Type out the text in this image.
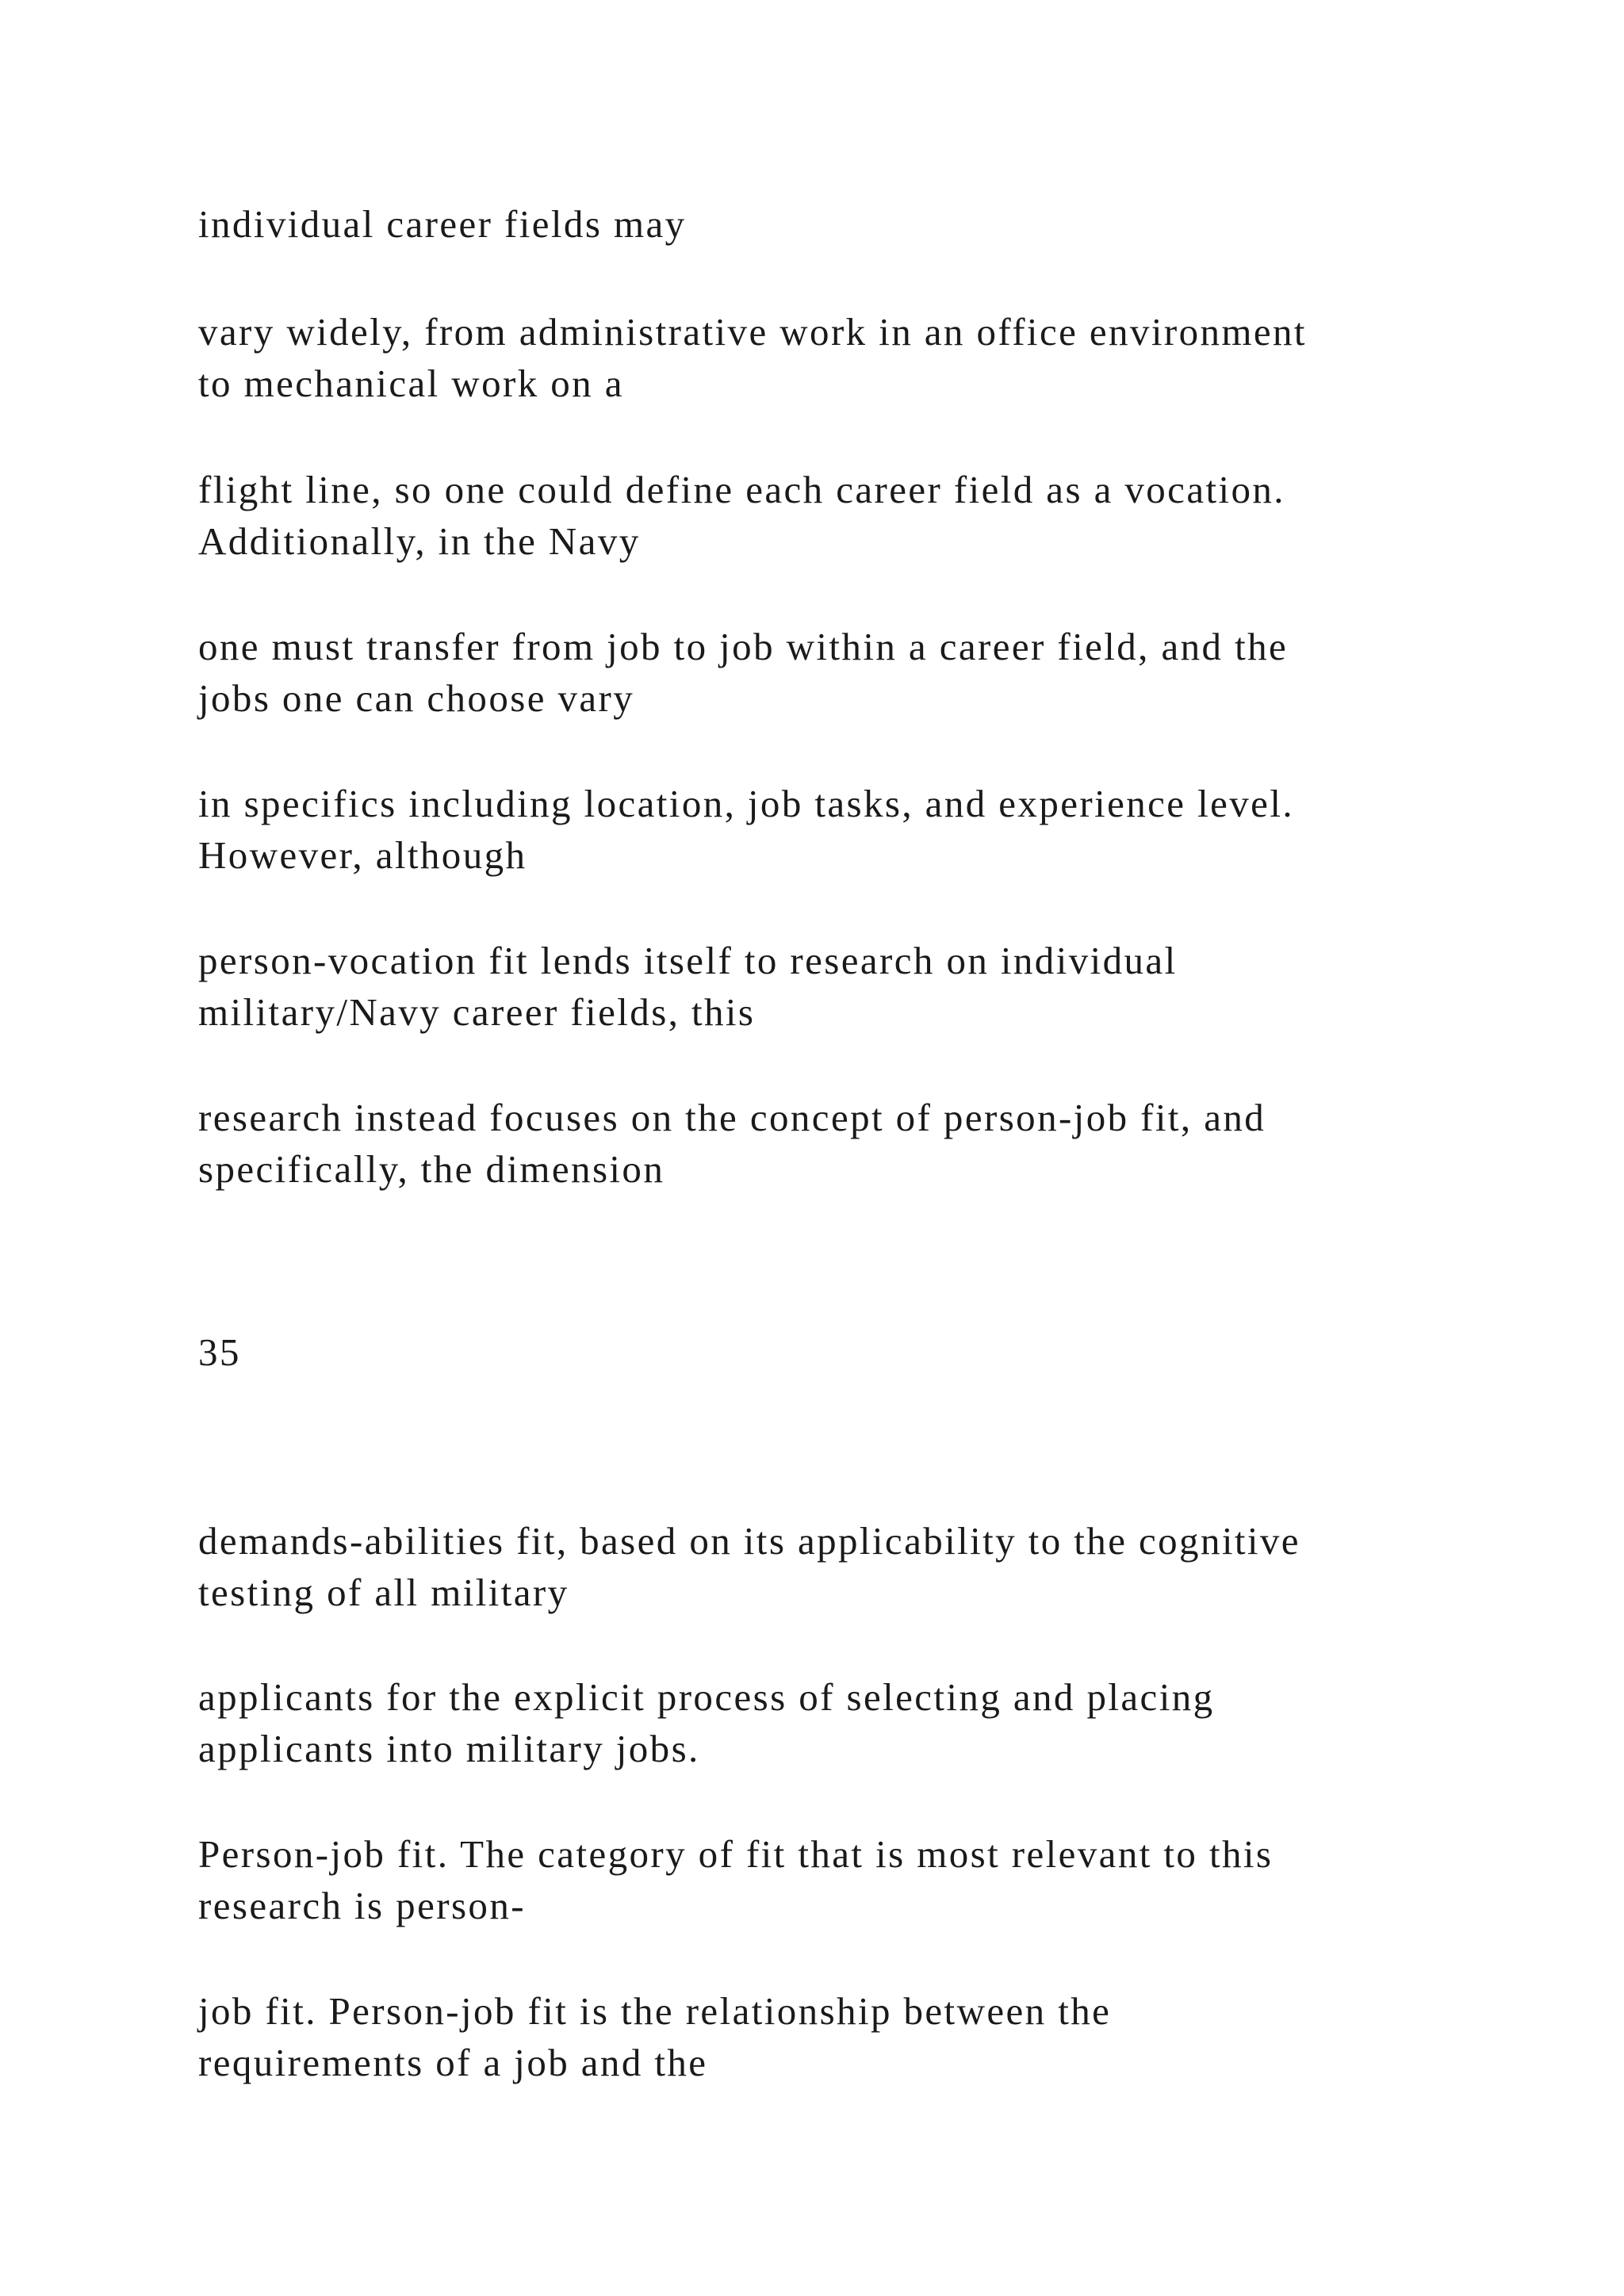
individual career fields may

vary widely, from administrative work in an office environment
to mechanical work on a

flight line, so one could define each career field as a vocation.
Additionally, in the Navy

one must transfer from job to job within a career field, and the
jobs one can choose vary

in specifics including location, job tasks, and experience level.
However, although

person-vocation fit lends itself to research on individual
military/Navy career fields, this

research instead focuses on the concept of person-job fit, and
specifically, the dimension

35

demands-abilities fit, based on its applicability to the cognitive
testing of all military

applicants for the explicit process of selecting and placing
applicants into military jobs.

Person-job fit. The category of fit that is most relevant to this
research is person-

job fit. Person-job fit is the relationship between the
requirements of a job and the
